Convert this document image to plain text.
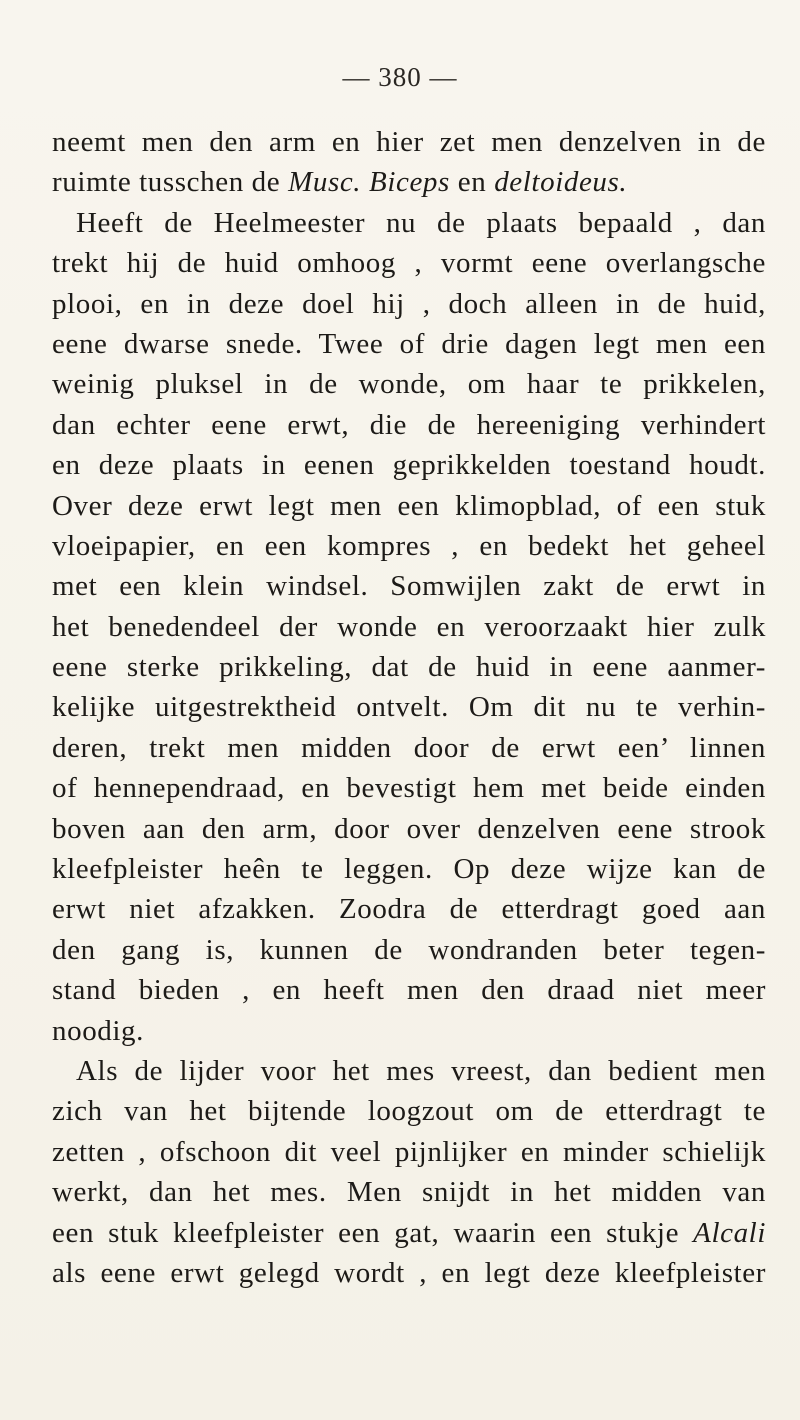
— 380 —
neemt men den arm en hier zet men denzelven in de
ruimte tusschen de Musc. Biceps en deltoideus.
Heeft de Heelmeester nu de plaats bepaald , dan
trekt hij de huid omhoog , vormt eene overlangsche
plooi, en in deze doel hij , doch alleen in de huid,
eene dwarse snede. Twee of drie dagen legt men een
weinig pluksel in de wonde, om haar te prikkelen,
dan echter eene erwt, die de hereeniging verhindert
en deze plaats in eenen geprikkelden toestand houdt.
Over deze erwt legt men een klimopblad, of een stuk
vloeipapier, en een kompres , en bedekt het geheel
met een klein windsel. Somwijlen zakt de erwt in
het benedendeel der wonde en veroorzaakt hier zulk
eene sterke prikkeling, dat de huid in eene aanmer-
kelijke uitgestrektheid ontvelt. Om dit nu te verhin-
deren, trekt men midden door de erwt een’ linnen
of hennependraad, en bevestigt hem met beide einden
boven aan den arm, door over denzelven eene strook
kleefpleister heên te leggen. Op deze wijze kan de
erwt niet afzakken. Zoodra de etterdragt goed aan
den gang is, kunnen de wondranden beter tegen-
stand bieden , en heeft men den draad niet meer
noodig.
Als de lijder voor het mes vreest, dan bedient men
zich van het bijtende loogzout om de etterdragt te
zetten , ofschoon dit veel pijnlijker en minder schielijk
werkt, dan het mes. Men snijdt in het midden van
een stuk kleefpleister een gat, waarin een stukje Alcali
als eene erwt gelegd wordt , en legt deze kleefpleister
